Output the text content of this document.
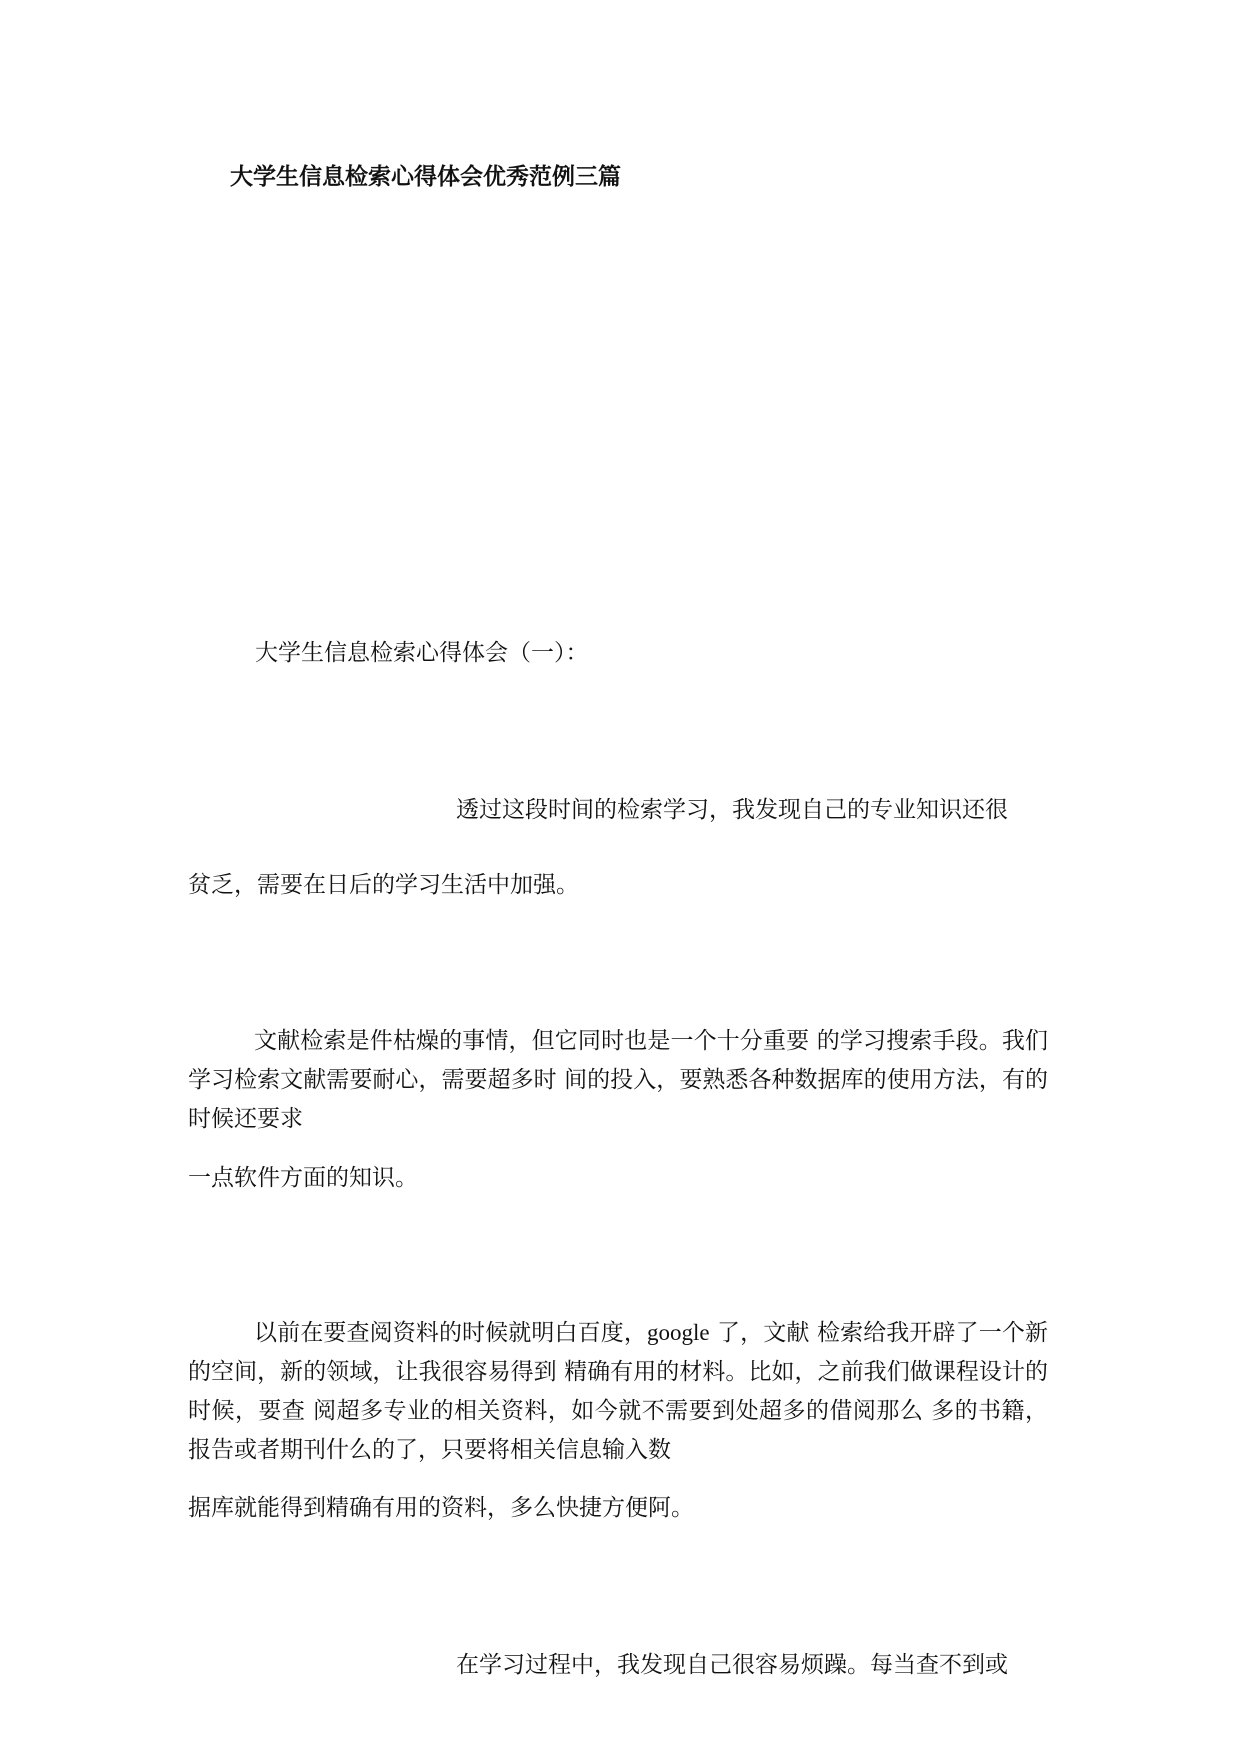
大学生信息检索心得体会优秀范例三篇
大学生信息检索心得体会（一）：
透过这段时间的检索学习，我发现自己的专业知识还很
贫乏，需要在日后的学习生活中加强。
文献检索是件枯燥的事情，但它同时也是一个十分重要 的学习搜索手段。我们学习检索文献需要耐心，需要超多时 间的投入，要熟悉各种数据库的使用方法，有的时候还要求
一点软件方面的知识。
以前在要查阅资料的时候就明白百度，google 了，文献 检索给我开辟了一个新的空间，新的领域，让我很容易得到 精确有用的材料。比如，之前我们做课程设计的时候，要查 阅超多专业的相关资料，如今就不需要到处超多的借阅那么 多的书籍，报告或者期刊什么的了，只要将相关信息输入数
据库就能得到精确有用的资料，多么快捷方便阿。
在学习过程中，我发现自己很容易烦躁。每当查不到或
